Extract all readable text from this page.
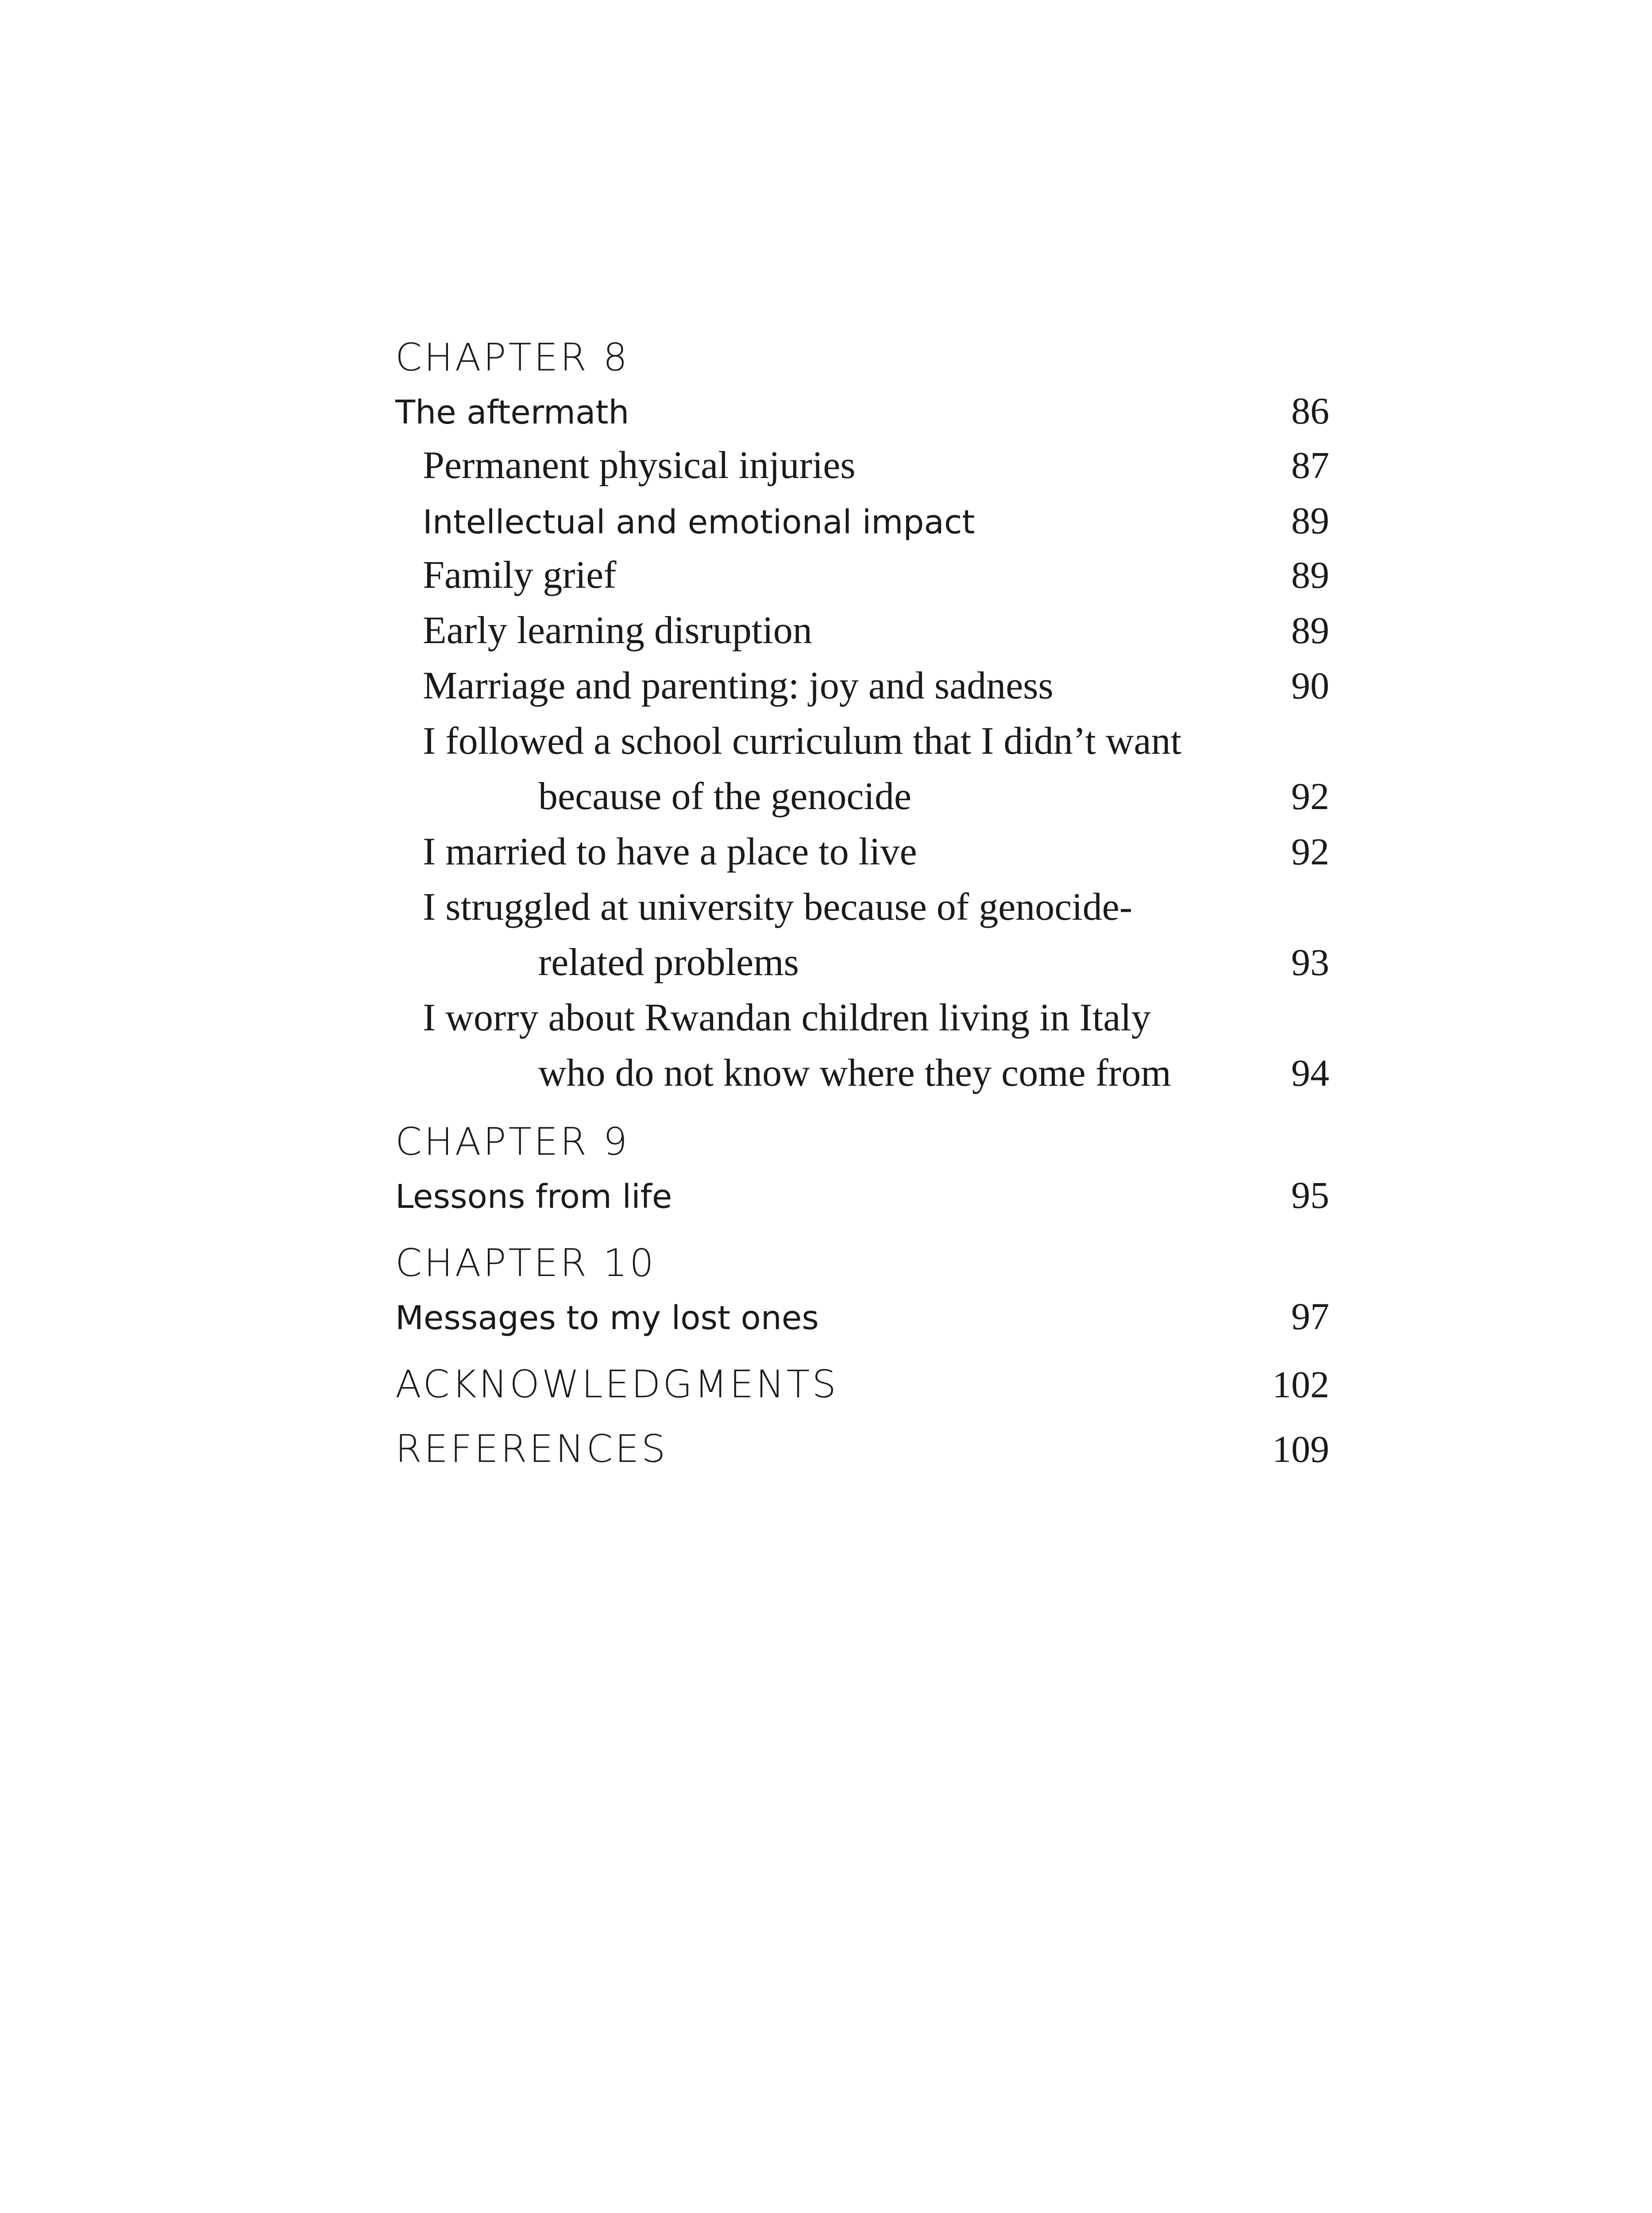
CHAPTER 8
The aftermath	86
Permanent physical injuries	87
Intellectual and emotional impact	89
Family grief	89
Early learning disruption	89
Marriage and parenting: joy and sadness	90
I followed a school curriculum that I didn’t want
because of the genocide	92
I married to have a place to live	92
I struggled at university because of genocide-
related problems	93
I worry about Rwandan children living in Italy
who do not know where they come from	94
CHAPTER 9
Lessons from life	95
CHAPTER 10
Messages to my lost ones	97
ACKNOWLEDGMENTS	102
REFERENCES	109
